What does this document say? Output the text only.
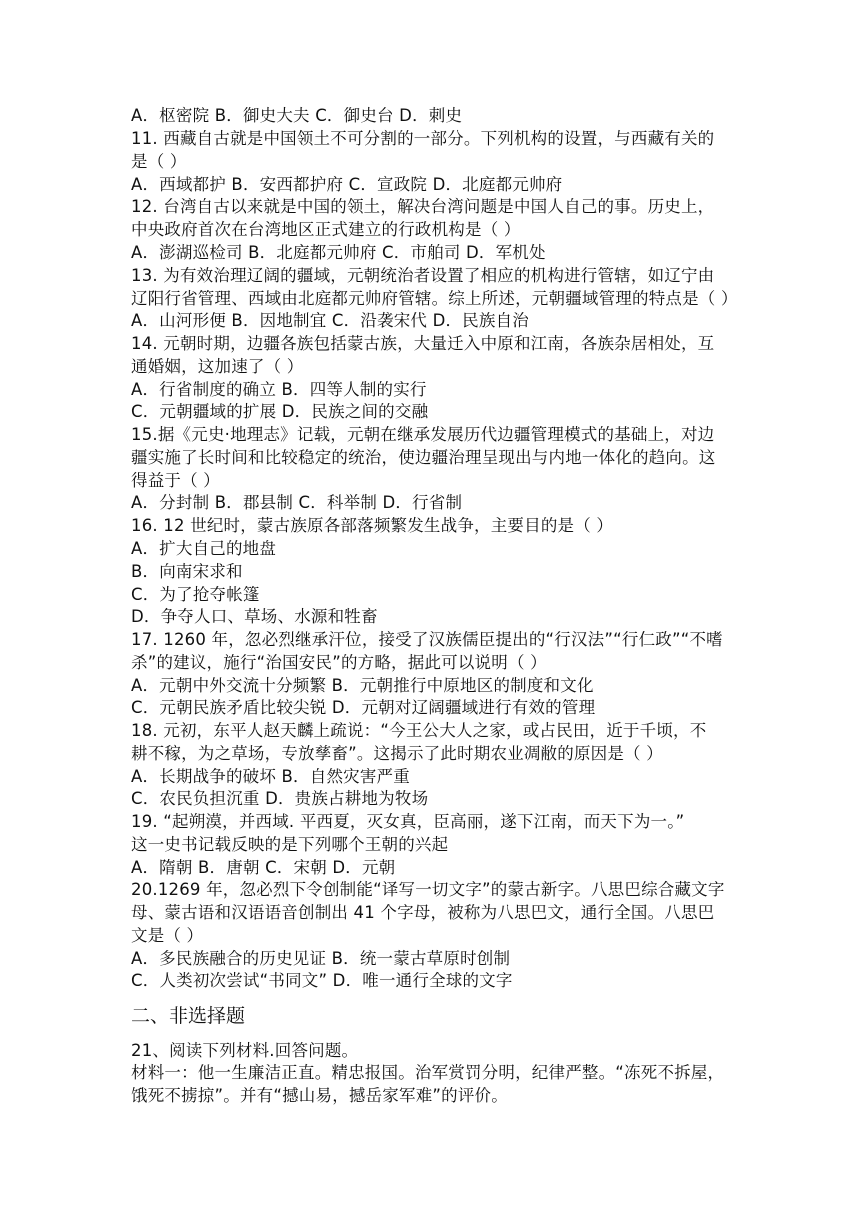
A．枢密院 B．御史大夫 C．御史台 D．刺史
11. 西藏自古就是中国领土不可分割的一部分。下列机构的设置，与西藏有关的
是（ ）
A．西域都护 B．安西都护府 C．宣政院 D．北庭都元帅府
12. 台湾自古以来就是中国的领土，解决台湾问题是中国人自己的事。历史上，
中央政府首次在台湾地区正式建立的行政机构是（ ）
A．澎湖巡检司 B．北庭都元帅府 C．市舶司 D．军机处
13. 为有效治理辽阔的疆域，元朝统治者设置了相应的机构进行管辖，如辽宁由
辽阳行省管理、西域由北庭都元帅府管辖。综上所述，元朝疆域管理的特点是（ ）
A．山河形便 B．因地制宜 C．沿袭宋代 D．民族自治
14. 元朝时期，边疆各族包括蒙古族，大量迁入中原和江南，各族杂居相处，互
通婚姻，这加速了（ ）
A．行省制度的确立 B．四等人制的实行
C．元朝疆域的扩展 D．民族之间的交融
15.据《元史·地理志》记载，元朝在继承发展历代边疆管理模式的基础上，对边
疆实施了长时间和比较稳定的统治，使边疆治理呈现出与内地一体化的趋向。这
得益于（ ）
A．分封制 B．郡县制 C．科举制 D．行省制
16. 12 世纪时，蒙古族原各部落频繁发生战争，主要目的是（ ）
A．扩大自己的地盘
B．向南宋求和
C．为了抢夺帐篷
D．争夺人口、草场、水源和牲畜
17. 1260 年，忽必烈继承汗位，接受了汉族儒臣提出的“行汉法”“行仁政”“不嗜
杀”的建议，施行“治国安民”的方略，据此可以说明（ ）
A．元朝中外交流十分频繁 B．元朝推行中原地区的制度和文化
C．元朝民族矛盾比较尖锐 D．元朝对辽阔疆域进行有效的管理
18. 元初，东平人赵天麟上疏说：“今王公大人之家，或占民田，近于千顷，不
耕不稼，为之草场，专放孳畜”。这揭示了此时期农业凋敝的原因是（ ）
A．长期战争的破坏 B．自然灾害严重
C．农民负担沉重 D．贵族占耕地为牧场
19. “起朔漠，并西域. 平西夏，灭女真，臣高丽，遂下江南，而天下为一。”
这一史书记载反映的是下列哪个王朝的兴起
A．隋朝 B．唐朝 C．宋朝 D．元朝
20.1269 年，忽必烈下令创制能“译写一切文字”的蒙古新字。八思巴综合藏文字
母、蒙古语和汉语语音创制出 41 个字母，被称为八思巴文，通行全国。八思巴
文是（ ）
A．多民族融合的历史见证 B．统一蒙古草原时创制
C．人类初次尝试“书同文” D．唯一通行全球的文字
二、非选择题
21、阅读下列材料.回答问题。
材料一：他一生廉洁正直。精忠报国。治军赏罚分明，纪律严整。“冻死不拆屋，
饿死不掳掠”。并有“撼山易，撼岳家军难”的评价。
